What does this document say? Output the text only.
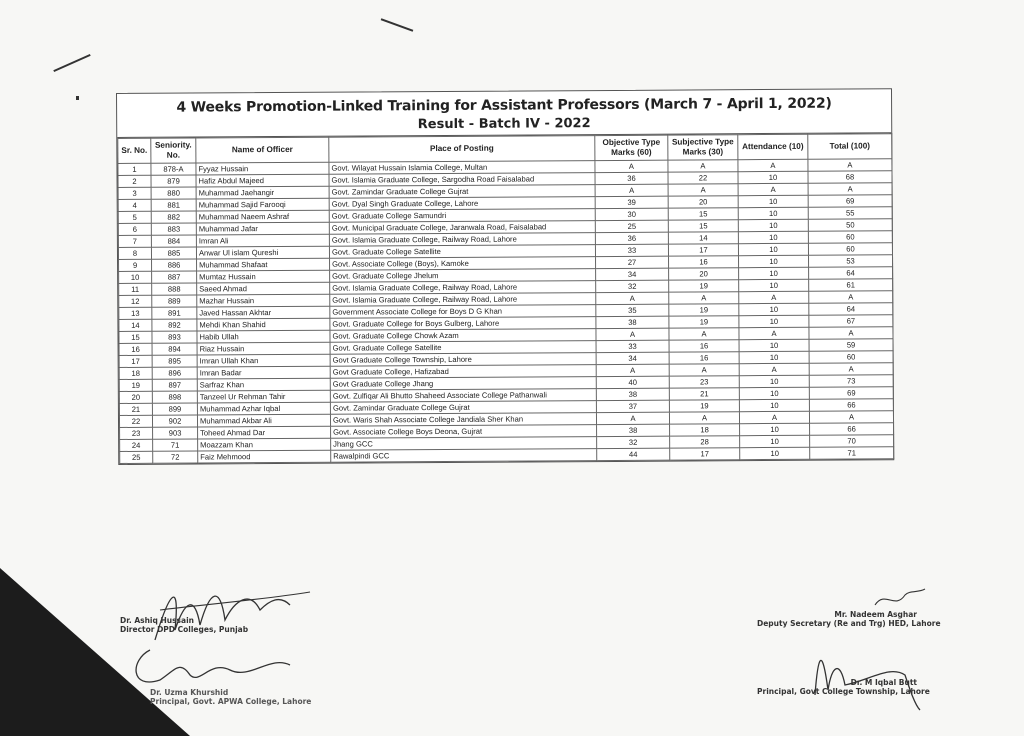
4 Weeks Promotion-Linked Training for Assistant Professors (March 7 - April 1, 2022)
Result - Batch IV - 2022
Sr. No.	Seniority. No.	Name of Officer	Place of Posting	Objective Type Marks (60)	Subjective Type Marks (30)	Attendance (10)	Total (100)
1	878-A	Fyyaz Hussain	Govt. Wilayat Hussain Islamia College, Multan	A	A	A	A
2	879	Hafiz Abdul Majeed	Govt. Islamia Graduate College, Sargodha Road Faisalabad	36	22	10	68
3	880	Muhammad Jaehangir	Govt. Zamindar Graduate College Gujrat	A	A	A	A
4	881	Muhammad Sajid Farooqi	Govt. Dyal Singh Graduate College, Lahore	39	20	10	69
5	882	Muhammad Naeem Ashraf	Govt. Graduate College Samundri	30	15	10	55
6	883	Muhammad Jafar	Govt. Municipal Graduate College, Jaranwala Road, Faisalabad	25	15	10	50
7	884	Imran Ali	Govt. Islamia Graduate College, Railway Road, Lahore	36	14	10	60
8	885	Anwar Ul islam Qureshi	Govt. Graduate College Satellite	33	17	10	60
9	886	Muhammad Shafaat	Govt. Associate College (Boys), Kamoke	27	16	10	53
10	887	Mumtaz Hussain	Govt. Graduate College Jhelum	34	20	10	64
11	888	Saeed Ahmad	Govt. Islamia Graduate College, Railway Road, Lahore	32	19	10	61
12	889	Mazhar Hussain	Govt. Islamia Graduate College, Railway Road, Lahore	A	A	A	A
13	891	Javed Hassan Akhtar	Government Associate College for Boys D G Khan	35	19	10	64
14	892	Mehdi Khan Shahid	Govt. Graduate College for Boys Gulberg, Lahore	38	19	10	67
15	893	Habib Ullah	Govt. Graduate College Chowk Azam	A	A	A	A
16	894	Riaz Hussain	Govt. Graduate College Satellite	33	16	10	59
17	895	Imran Ullah Khan	Govt Graduate College Township, Lahore	34	16	10	60
18	896	Imran Badar	Govt Graduate College, Hafizabad	A	A	A	A
19	897	Sarfraz Khan	Govt Graduate College Jhang	40	23	10	73
20	898	Tanzeel Ur Rehman Tahir	Govt. Zulfiqar Ali Bhutto Shaheed Associate College Pathanwali	38	21	10	69
21	899	Muhammad Azhar Iqbal	Govt. Zamindar Graduate College Gujrat	37	19	10	66
22	902	Muhammad Akbar Ali	Govt. Waris Shah Associate College Jandiala Sher Khan	A	A	A	A
23	903	Toheed Ahmad Dar	Govt. Associate College Boys Deona, Gujrat	38	18	10	66
24	71	Moazzam Khan	Jhang GCC	32	28	10	70
25	72	Faiz Mehmood	Rawalpindi GCC	44	17	10	71
Dr. Ashiq Hussain
Director DPD Colleges, Punjab
Dr. Uzma Khurshid
Principal, Govt. APWA College, Lahore
Mr. Nadeem Asghar
Deputy Secretary (Re and Trg) HED, Lahore
Dr. M Iqbal Butt
Principal, Govt College Township, Lahore
